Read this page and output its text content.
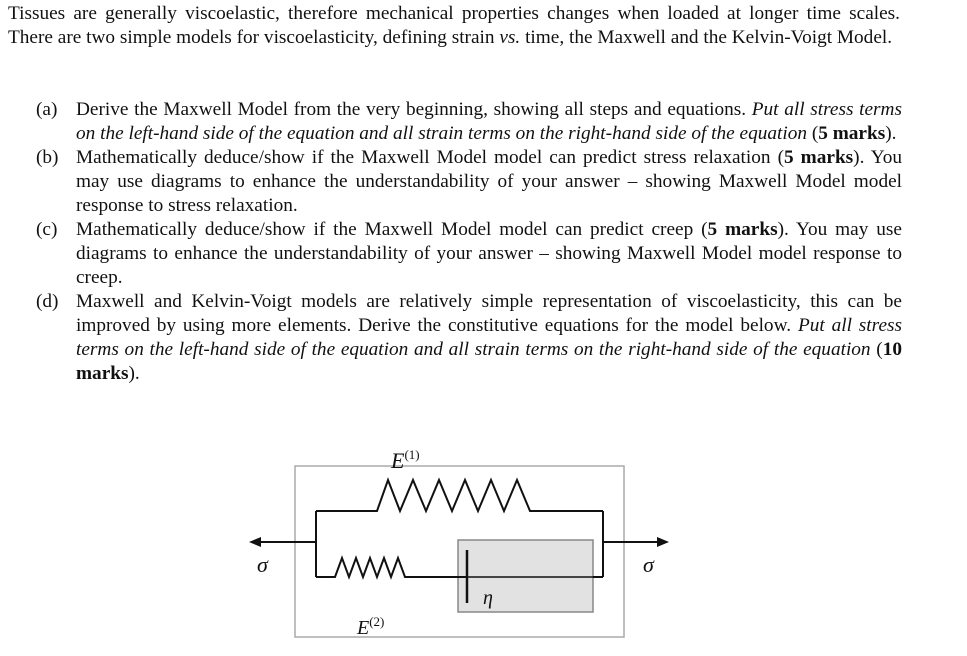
Tissues are generally viscoelastic, therefore mechanical properties changes when loaded at longer time scales. There are two simple models for viscoelasticity, defining strain vs. time, the Maxwell and the Kelvin-Voigt Model.
(a) Derive the Maxwell Model from the very beginning, showing all steps and equations. Put all stress terms on the left-hand side of the equation and all strain terms on the right-hand side of the equation (5 marks).
(b) Mathematically deduce/show if the Maxwell Model model can predict stress relaxation (5 marks). You may use diagrams to enhance the understandability of your answer – showing Maxwell Model model response to stress relaxation.
(c) Mathematically deduce/show if the Maxwell Model model can predict creep (5 marks). You may use diagrams to enhance the understandability of your answer – showing Maxwell Model model response to creep.
(d) Maxwell and Kelvin-Voigt models are relatively simple representation of viscoelasticity, this can be improved by using more elements. Derive the constitutive equations for the model below. Put all stress terms on the left-hand side of the equation and all strain terms on the right-hand side of the equation (10 marks).
$E^{(1)}$
$E^{(2)}$
η
σ	σ
